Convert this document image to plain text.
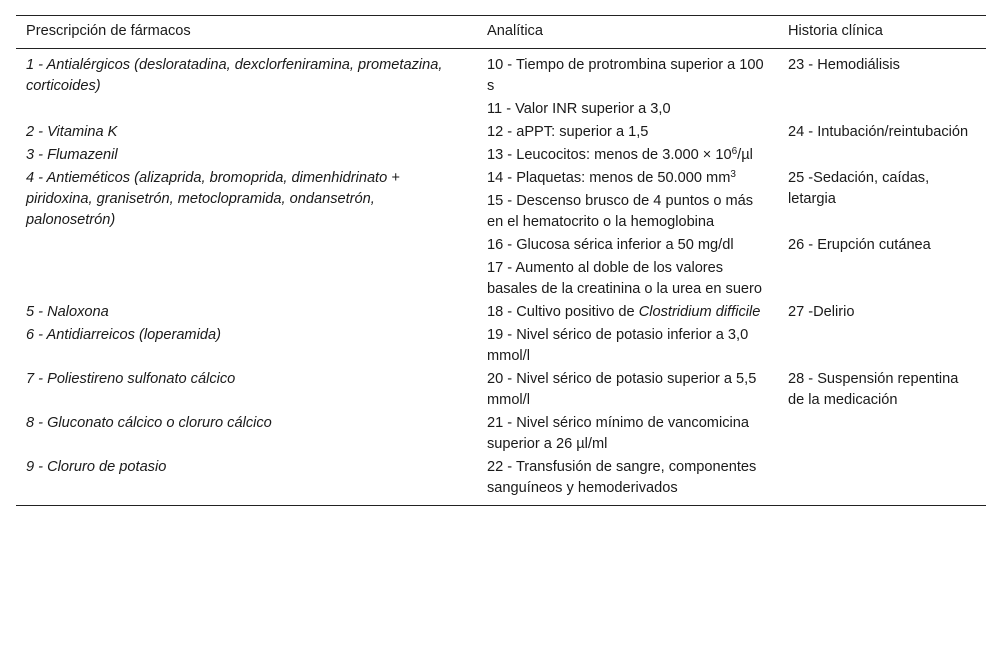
Prescripción de fármacos	Analítica	Historia clínica
1 - Antialérgicos (desloratadina, dexclorfeniramina, prometazina, corticoides)	10 - Tiempo de protrombina superior a 100 s	23 - Hemodiálisis
	11 - Valor INR superior a 3,0	
2 - Vitamina K	12 - aPPT: superior a 1,5	24 - Intubación/reintubación
3 - Flumazenil	13 - Leucocitos: menos de $3.000 \times 10^6/\mu l$	
4 - Antieméticos (alizaprida, bromoprida, dimenhidrinato + piridoxina, granisetrón, metoclopramida, ondansetrón, palonosetrón)	14 - Plaquetas: menos de 50.000 $mm^3$	25 -Sedación, caídas, letargia
	15 - Descenso brusco de 4 puntos o más en el hematocrito o la hemoglobina	
	16 - Glucosa sérica inferior a 50 mg/dl	26 - Erupción cutánea
	17 - Aumento al doble de los valores basales de la creatinina o la urea en suero	
5 - Naloxona	18 - Cultivo positivo de Clostridium difficile	27 -Delirio
6 - Antidiarreicos (loperamida)	19 - Nivel sérico de potasio inferior a 3,0 mmol/l	
7 - Poliestireno sulfonato cálcico	20 - Nivel sérico de potasio superior a 5,5 mmol/l	28 - Suspensión repentina de la medicación
8 - Gluconato cálcico o cloruro cálcico	21 - Nivel sérico mínimo de vancomicina superior a 26 µl/ml	
9 - Cloruro de potasio	22 - Transfusión de sangre, componentes sanguíneos y hemoderivados	
